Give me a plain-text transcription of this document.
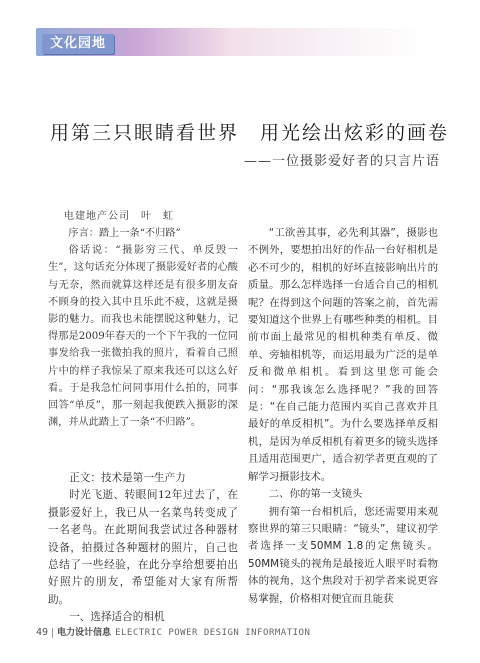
文化园地
用第三只眼睛看世界　用光绘出炫彩的画卷
——一位摄影爱好者的只言片语
电建地产公司　叶　虹

序言：踏上一条“不归路”

俗话说：“摄影穷三代、单反毁一生”，这句话充分体现了摄影爱好者的心酸与无奈，然而就算这样还是有很多朋友奋不顾身的投入其中且乐此不疲，这就是摄影的魅力。而我也未能摆脱这种魅力，记得那是2009年春天的一个下午我的一位同事发给我一张微拍我的照片，看着自己照片中的样子我惊呆了原来我还可以这么好看。于是我急忙问同事用什么拍的，同事回答“单反”，那一刻起我便跌入摄影的深渊，并从此踏上了一条“不归路”。

正文：技术是第一生产力

时光飞逝、转眼间12年过去了，在摄影爱好上，我已从一名菜鸟转变成了一名老鸟。在此期间我尝试过各种器材设备，拍摄过各种题材的照片，自己也总结了一些经验，在此分享给想要拍出好照片的朋友，希望能对大家有所帮助。

一、选择适合的相机

“工欲善其事，必先利其器”，摄影也不例外，要想拍出好的作品一台好相机是必不可少的，相机的好坏直接影响出片的质量。那么怎样选择一台适合自己的相机呢？在得到这个问题的答案之前，首先需要知道这个世界上有哪些种类的相机。目前市面上最常见的相机种类有单反、微单、旁轴相机等，而运用最为广泛的是单反和微单相机。看到这里您可能会问：“那我该怎么选择呢？”我的回答是：“在自己能力范围内买自己喜欢并且最好的单反相机”。为什么要选择单反相机，是因为单反相机有着更多的镜头选择且适用范围更广，适合初学者更直观的了解学习摄影技术。

二、你的第一支镜头

拥有第一台相机后，您还需要用来观察世界的第三只眼睛：“镜头”，建议初学者选择一支50MM 1.8的定焦镜头。50MM镜头的视角是最接近人眼平时看物体的视角，这个焦段对于初学者来说更容易掌握，价格相对便宜而且能获

49 电力设计信息 ELECTRIC POWER DESIGN INFORMATION
